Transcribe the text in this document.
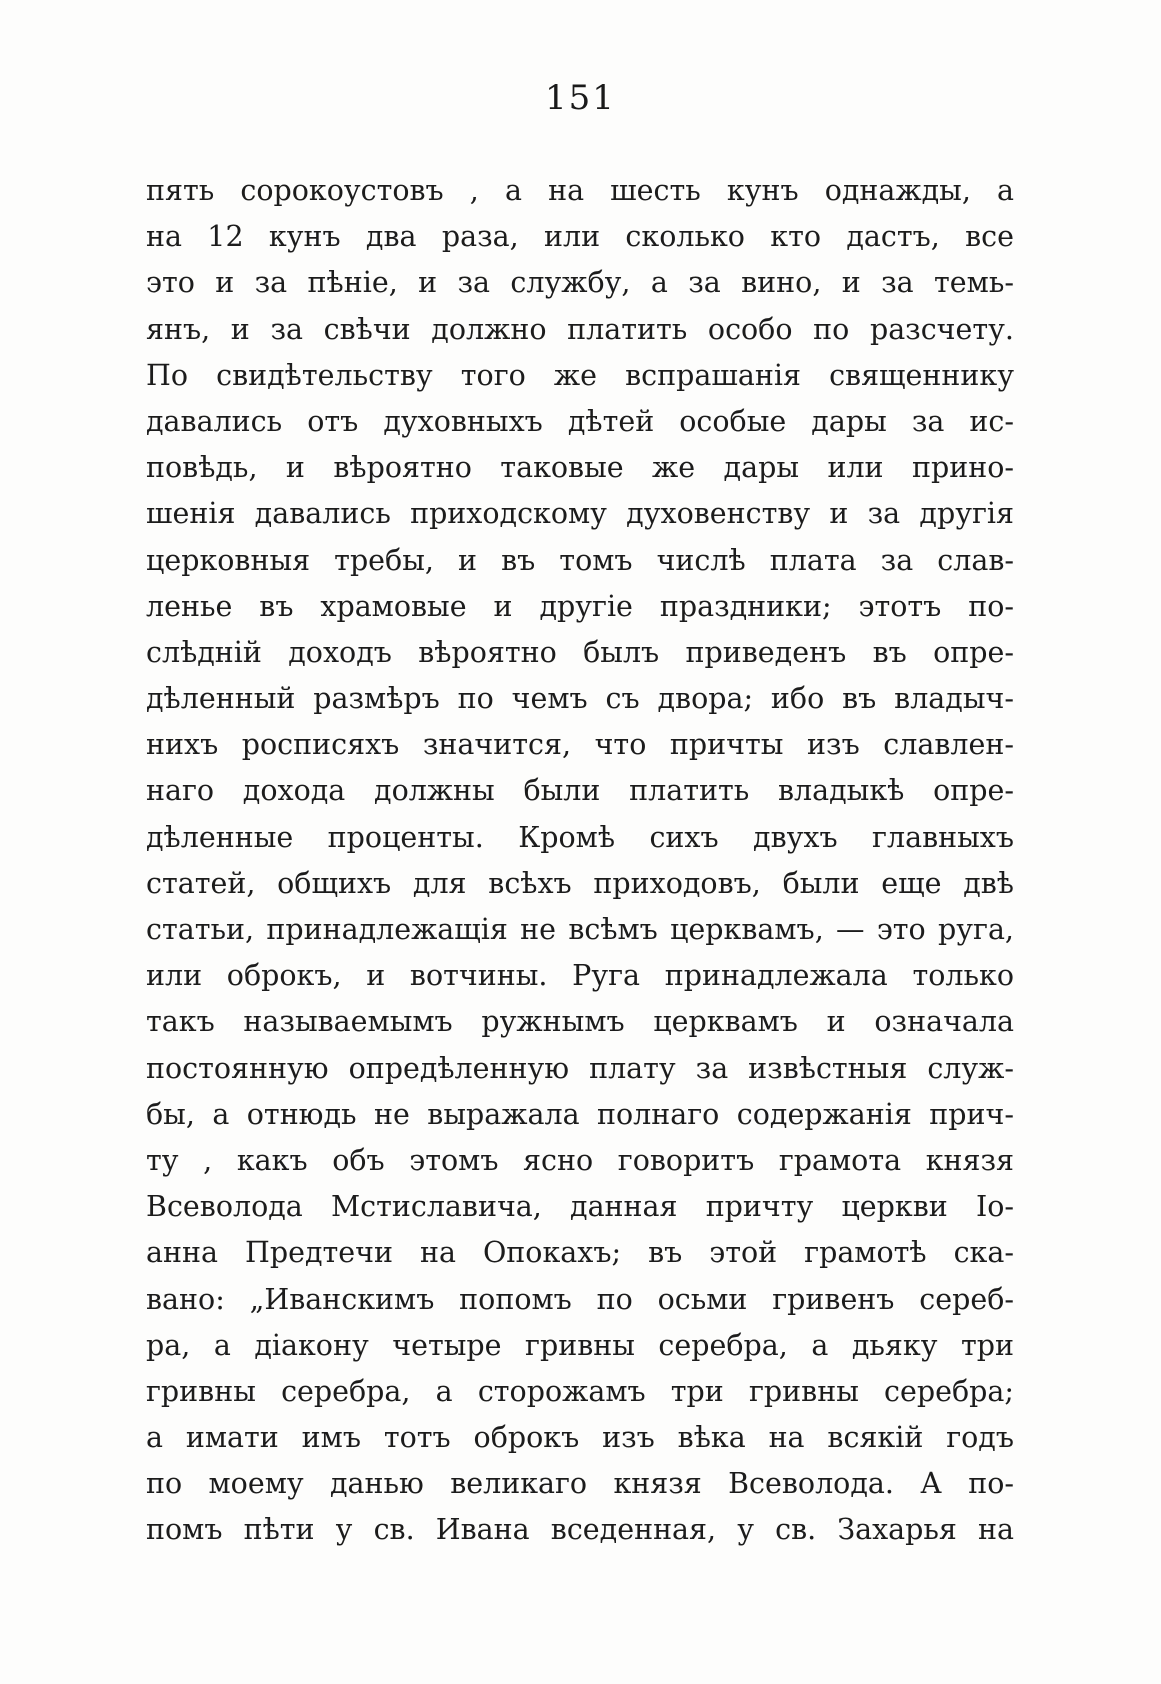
151
пять сорокоустовъ , а на шесть кунъ однажды, а
на 12 кунъ два раза, или сколько кто дастъ, все
это и за пѣніе, и за службу, а за вино, и за темь-
янъ, и за свѣчи должно платить особо по разсчету.
По свидѣтельству того же вспрашанія священнику
давались отъ духовныхъ дѣтей особые дары за ис-
повѣдь, и вѣроятно таковые же дары или прино-
шенія давались приходскому духовенству и за другія
церковныя требы, и въ томъ числѣ плата за слав-
ленье въ храмовые и другіе праздники; этотъ по-
слѣдній доходъ вѣроятно былъ приведенъ въ опре-
дѣленный размѣръ по чемъ съ двора; ибо въ владыч-
нихъ росписяхъ значится, что причты изъ славлен-
наго дохода должны были платить владыкѣ опре-
дѣленные проценты. Кромѣ сихъ двухъ главныхъ
статей, общихъ для всѣхъ приходовъ, были еще двѣ
статьи, принадлежащія не всѣмъ церквамъ, — это руга,
или оброкъ, и вотчины. Руга принадлежала только
такъ называемымъ ружнымъ церквамъ и означала
постоянную опредѣленную плату за извѣстныя служ-
бы, а отнюдь не выражала полнаго содержанія прич-
ту , какъ объ этомъ ясно говоритъ грамота князя
Всеволода Мстиславича, данная причту церкви Іо-
анна Предтечи на Опокахъ; въ этой грамотѣ ска-
вано: „Иванскимъ попомъ по осьми гривенъ сереб-
ра, а діакону четыре гривны серебра, а дьяку три
гривны серебра, а сторожамъ три гривны серебра;
а имати имъ тотъ оброкъ изъ вѣка на всякій годъ
по моему данью великаго князя Всеволода. А по-
помъ пѣти у св. Ивана вседенная, у св. Захарья на
